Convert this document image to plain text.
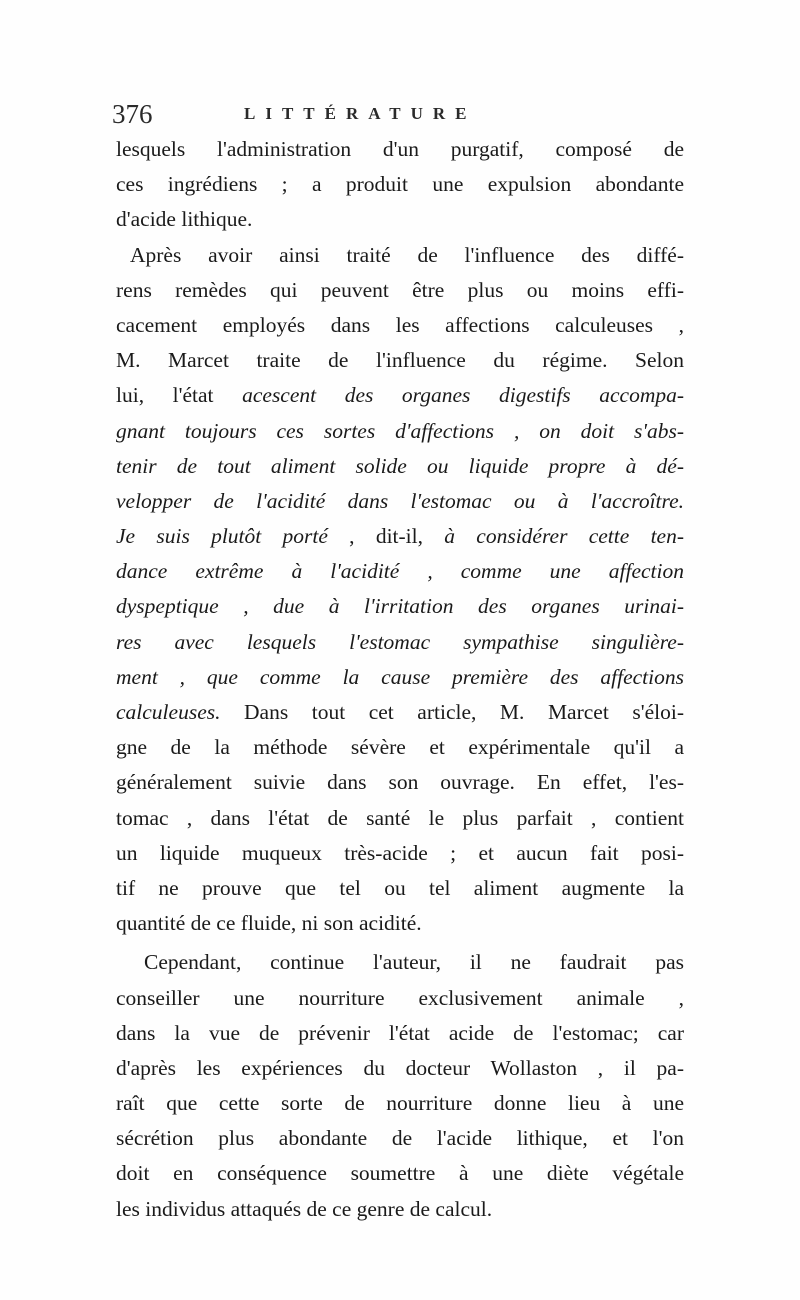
376	LITTÉRATURE
lesquels l'administration d'un purgatif, composé de
ces ingrédiens ; a produit une expulsion abondante
d'acide lithique.
Après avoir ainsi traité de l'influence des diffé-
rens remèdes qui peuvent être plus ou moins effi-
cacement employés dans les affections calculeuses ,
M. Marcet traite de l'influence du régime. Selon
lui, l'état acescent des organes digestifs accompa-
gnant toujours ces sortes d'affections , on doit s'abs-
tenir de tout aliment solide ou liquide propre à dé-
velopper de l'acidité dans l'estomac ou à l'accroître.
Je suis plutôt porté , dit-il, à considérer cette ten-
dance extrême à l'acidité , comme une affection
dyspeptique , due à l'irritation des organes urinai-
res avec lesquels l'estomac sympathise singulière-
ment , que comme la cause première des affections
calculeuses. Dans tout cet article, M. Marcet s'éloi-
gne de la méthode sévère et expérimentale qu'il a
généralement suivie dans son ouvrage. En effet, l'es-
tomac , dans l'état de santé le plus parfait , contient
un liquide muqueux très-acide ; et aucun fait posi-
tif ne prouve que tel ou tel aliment augmente la
quantité de ce fluide, ni son acidité.
Cependant, continue l'auteur, il ne faudrait pas
conseiller une nourriture exclusivement animale ,
dans la vue de prévenir l'état acide de l'estomac; car
d'après les expériences du docteur Wollaston , il pa-
raît que cette sorte de nourriture donne lieu à une
sécrétion plus abondante de l'acide lithique, et l'on
doit en conséquence soumettre à une diète végétale
les individus attaqués de ce genre de calcul.
